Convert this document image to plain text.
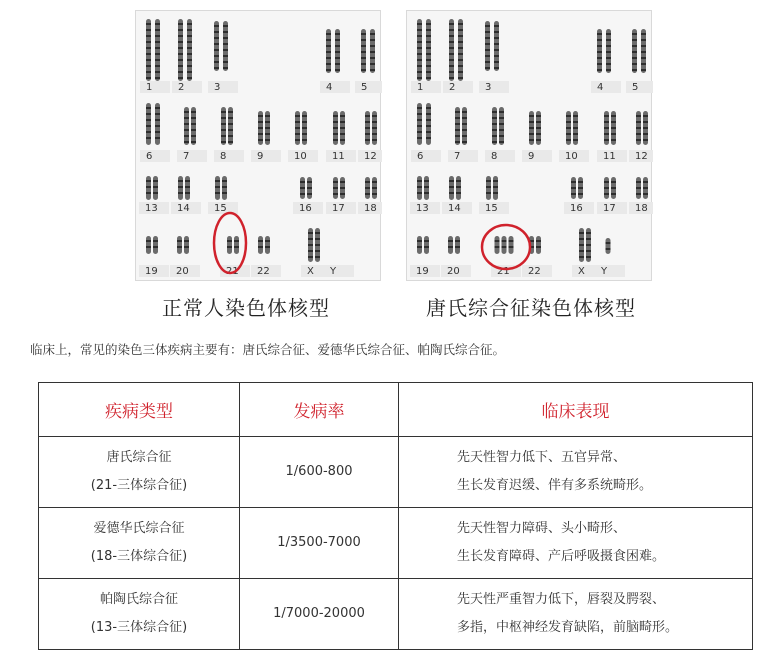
1	2	3	4	5
6	7	8	9	10	11 12
13 14 15	16 17 18
19 20	21 22	X Y
1	2	3	4	5
6	7	8	9	10	11 12
13 14 15	16 17 18
19 20	21 22	X Y
正常人染色体核型	唐氏综合征染色体核型
临床上，常见的染色三体疾病主要有：唐氏综合征、爱德华氏综合征、帕陶氏综合征。
疾病类型	发病率	临床表现

唐氏综合征
(21-三体综合征)	1/600-800	先天性智力低下、五官异常、
生长发育迟缓、伴有多系统畸形。

爱德华氏综合征
(18-三体综合征)	1/3500-7000	先天性智力障碍、头小畸形、
生长发育障碍、产后呼吸摄食困难。

帕陶氏综合征
(13-三体综合征)	1/7000-20000	先天性严重智力低下，唇裂及腭裂、
多指，中枢神经发育缺陷，前脑畸形。
